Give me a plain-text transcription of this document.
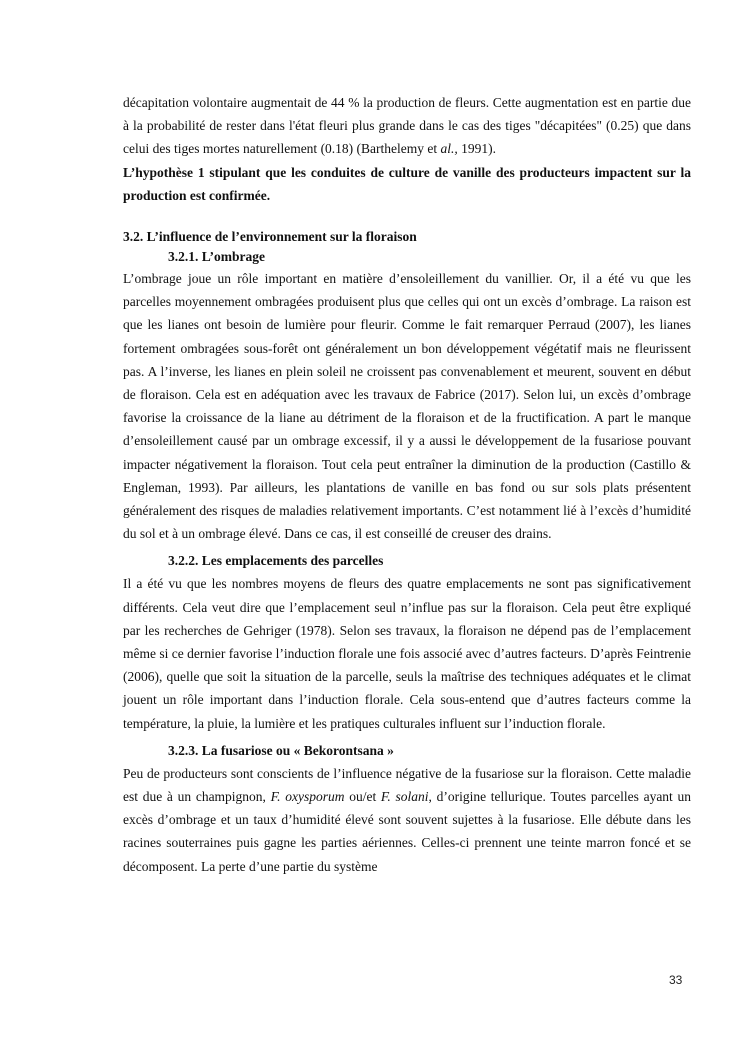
décapitation volontaire augmentait de 44 % la production de fleurs. Cette augmentation est en partie due à la probabilité de rester dans l'état fleuri plus grande dans le cas des tiges "décapitées" (0.25) que dans celui des tiges mortes naturellement (0.18) (Barthelemy et al., 1991).

L’hypothèse 1 stipulant que les conduites de culture de vanille des producteurs impactent sur la production est confirmée.

3.2. L’influence de l’environnement sur la floraison
3.2.1. L’ombrage

L’ombrage joue un rôle important en matière d’ensoleillement du vanillier. Or, il a été vu que les parcelles moyennement ombragées produisent plus que celles qui ont un excès d’ombrage. La raison est que les lianes ont besoin de lumière pour fleurir. Comme le fait remarquer Perraud (2007), les lianes fortement ombragées sous-forêt ont généralement un bon développement végétatif mais ne fleurissent pas. A l’inverse, les lianes en plein soleil ne croissent pas convenablement et meurent, souvent en début de floraison. Cela est en adéquation avec les travaux de Fabrice (2017). Selon lui, un excès d’ombrage favorise la croissance de la liane au détriment de la floraison et de la fructification. A part le manque d’ensoleillement causé par un ombrage excessif, il y a aussi le développement de la fusariose pouvant impacter négativement la floraison. Tout cela peut entraîner la diminution de la production (Castillo & Engleman, 1993). Par ailleurs, les plantations de vanille en bas fond ou sur sols plats présentent généralement des risques de maladies relativement importants. C’est notamment lié à l’excès d’humidité du sol et à un ombrage élevé. Dans ce cas, il est conseillé de creuser des drains.

3.2.2. Les emplacements des parcelles

Il a été vu que les nombres moyens de fleurs des quatre emplacements ne sont pas significativement différents. Cela veut dire que l’emplacement seul n’influe pas sur la floraison. Cela peut être expliqué par les recherches de Gehriger (1978). Selon ses travaux, la floraison ne dépend pas de l’emplacement même si ce dernier favorise l’induction florale une fois associé avec d’autres facteurs. D’après Feintrenie (2006), quelle que soit la situation de la parcelle, seuls la maîtrise des techniques adéquates et le climat jouent un rôle important dans l’induction florale. Cela sous-entend que d’autres facteurs comme la température, la pluie, la lumière et les pratiques culturales influent sur l’induction florale.

3.2.3. La fusariose ou « Bekorontsana »

Peu de producteurs sont conscients de l’influence négative de la fusariose sur la floraison. Cette maladie est due à un champignon, F. oxysporum ou/et F. solani, d’origine tellurique. Toutes parcelles ayant un excès d’ombrage et un taux d’humidité élevé sont souvent sujettes à la fusariose. Elle débute dans les racines souterraines puis gagne les parties aériennes. Celles-ci prennent une teinte marron foncé et se décomposent. La perte d’une partie du système

33
